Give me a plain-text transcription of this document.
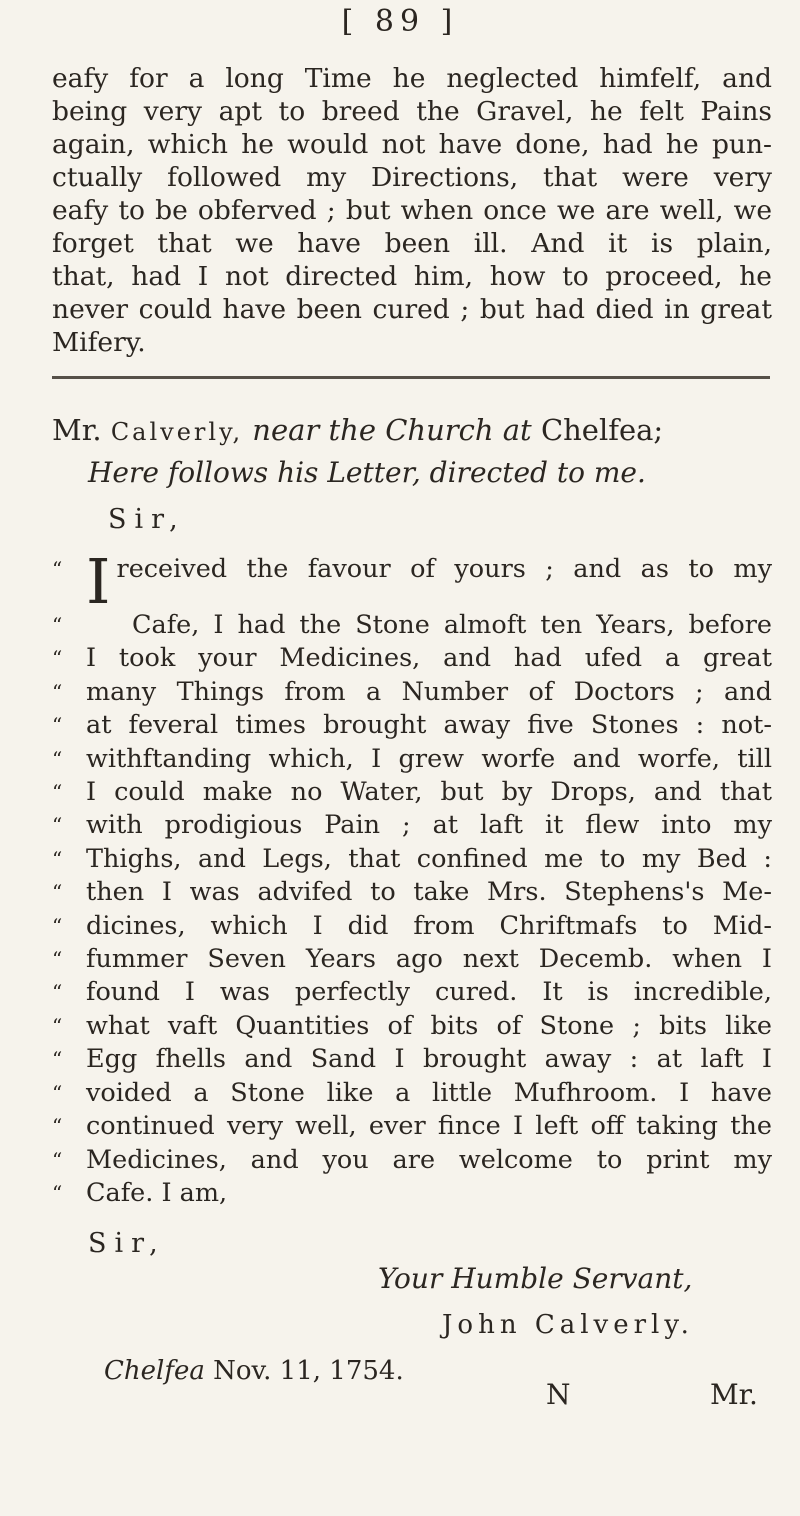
[ 89 ]
eafy for a long Time he neglected himfelf, and
being very apt to breed the Gravel, he felt Pains
again, which he would not have done, had he pun-
ctually followed my Directions, that were very
eafy to be obferved ; but when once we are well, we
forget that we have been ill. And it is plain,
that, had I not directed him, how to proceed, he
never could have been cured ; but had died in great
Mifery.
Mr. Calverly, near the Church at Chelfea;
Here follows his Letter, directed to me.
Sir,
“ I received the favour of yours ; and as to my
“	Cafe, I had the Stone almoft ten Years, before
“ I took your Medicines, and had ufed a great
“ many Things from a Number of Doctors ; and
“ at feveral times brought away five Stones : not-
“ withftanding which, I grew worfe and worfe, till
“ I could make no Water, but by Drops, and that
“ with prodigious Pain ; at laft it flew into my
“ Thighs, and Legs, that confined me to my Bed :
“ then I was advifed to take Mrs. Stephens's Me-
“ dicines, which I did from Chriftmafs to Mid-
“ fummer Seven Years ago next Decemb. when I
“ found I was perfectly cured. It is incredible,
“ what vaft Quantities of bits of Stone ; bits like
“ Egg fhells and Sand I brought away : at laft I
“ voided a Stone like a little Mufhroom. I have
“ continued very well, ever fince I left off taking the
“ Medicines, and you are welcome to print my
“ Cafe. I am,
Sir,
Your Humble Servant,
John Calverly.
Chelfea Nov. 11, 1754.
N	Mr.
